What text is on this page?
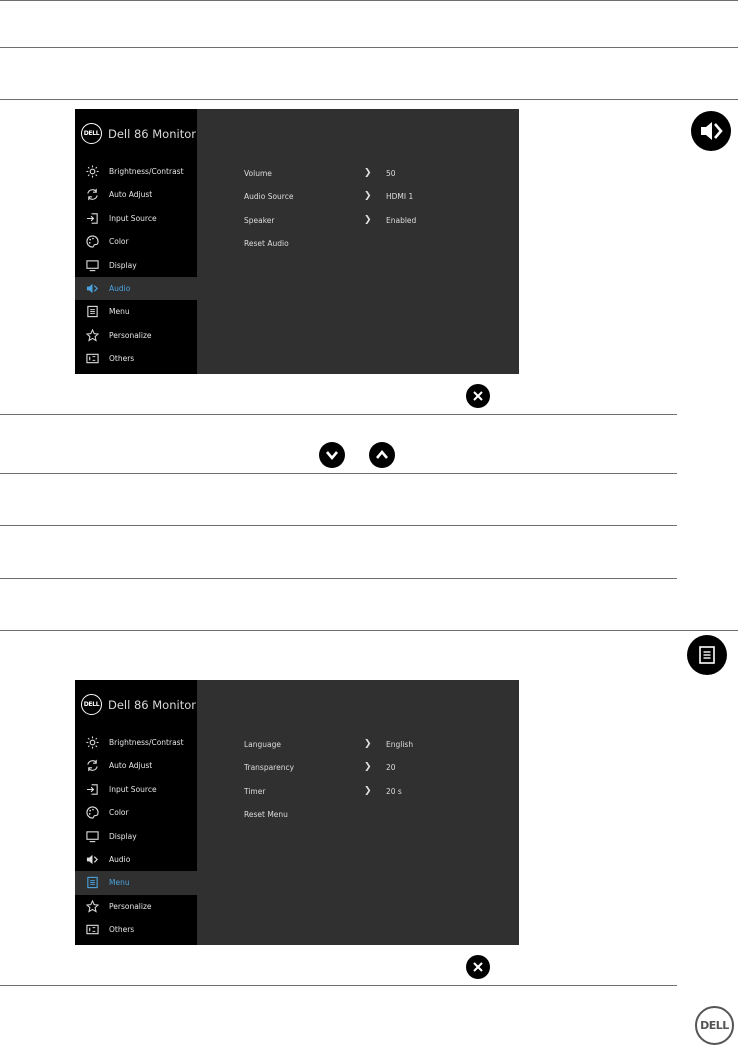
DELL Dell 86 Monitor
Brightness/Contrast
Auto Adjust
Input Source
Color
Display
Audio
Menu
Personalize
Others
Volume	❯ 50
Audio Source	❯ HDMI 1
Speaker	❯ Enabled
Reset Audio
DELL Dell 86 Monitor
Brightness/Contrast
Auto Adjust
Input Source
Color
Display
Audio
Menu
Personalize
Others
Language	❯ English
Transparency	❯ 20
Timer	❯ 20 s
Reset Menu
DELL
